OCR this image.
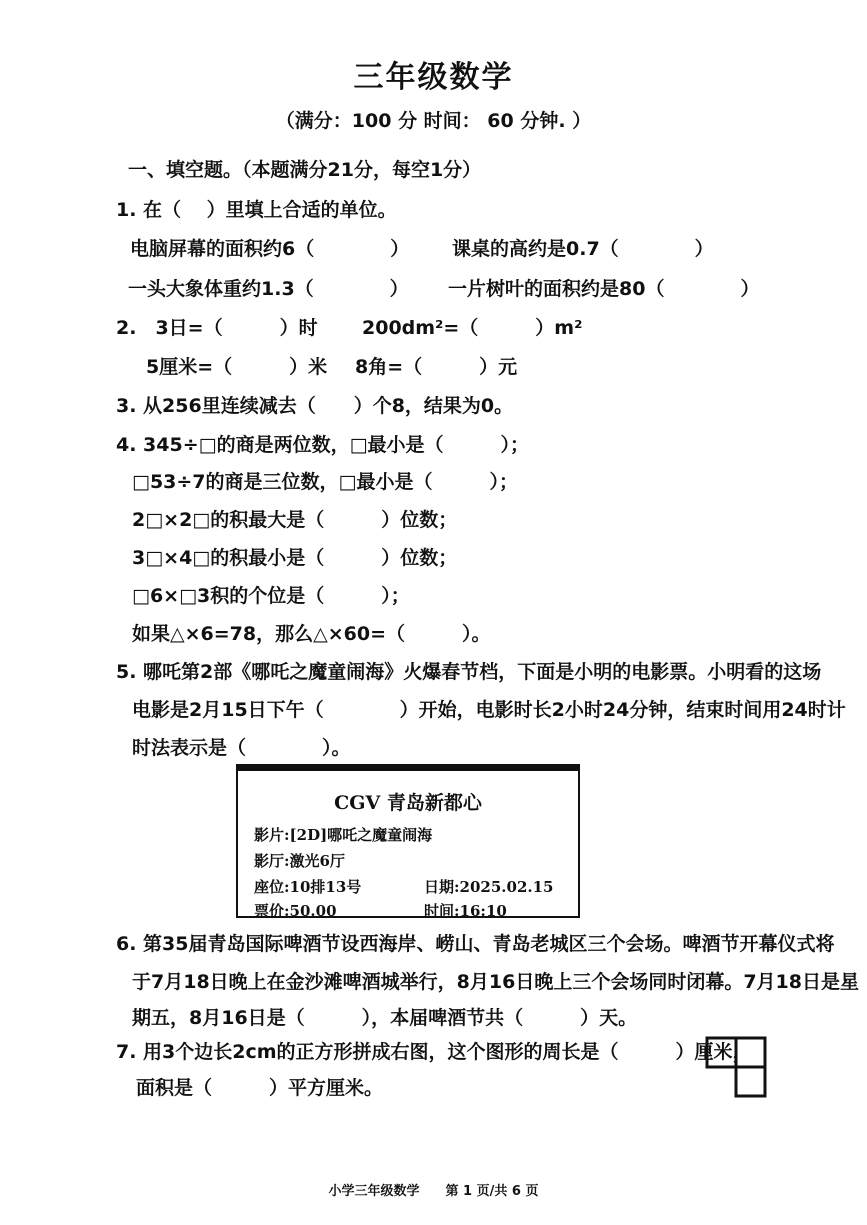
三年级数学
（满分：100 分 时间： 60 分钟. ）
一、填空题。（本题满分21分，每空1分）
1. 在（　 ）里填上合适的单位。
电脑屏幕的面积约6（　　　　） 课桌的高约是0.7（　　　　）
一头大象体重约1.3（　　　　） 一片树叶的面积约是80（　　　　）
2.　3日=（　　　）时 200dm²=（　　　）m²
5厘米=（　　　）米 8角=（　　　）元
3. 从256里连续减去（　　）个8，结果为0。
4. 345÷□的商是两位数，□最小是（　　　）；
□53÷7的商是三位数，□最小是（　　　）；
2□×2□的积最大是（　　　）位数；
3□×4□的积最小是（　　　）位数；
□6×□3积的个位是（　　　）；
如果△×6=78，那么△×60=（　　　）。
5. 哪吒第2部《哪吒之魔童闹海》火爆春节档，下面是小明的电影票。小明看的这场
电影是2月15日下午（　　　　）开始，电影时长2小时24分钟，结束时间用24时计
时法表示是（　　　　）。
CGV 青岛新都心
影片:[2D]哪吒之魔童闹海
影厅:激光6厅
座位:10排13号	日期:2025.02.15
票价:50.00	时间:16:10
6. 第35届青岛国际啤酒节设西海岸、崂山、青岛老城区三个会场。啤酒节开幕仪式将
于7月18日晚上在金沙滩啤酒城举行，8月16日晚上三个会场同时闭幕。7月18日是星
期五，8月16日是（　　　），本届啤酒节共（　　　）天。
7. 用3个边长2cm的正方形拼成右图，这个图形的周长是（　　　）厘米，
面积是（　　　）平方厘米。
小学三年级数学　　第 1 页/共 6 页
